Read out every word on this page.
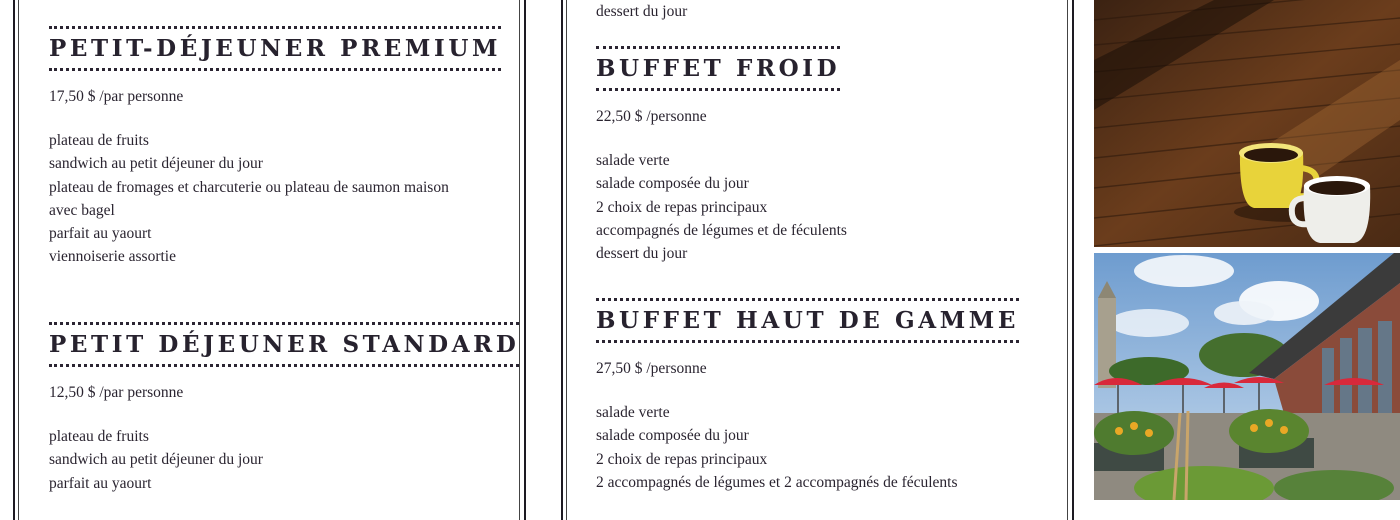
PETIT-DÉJEUNER PREMIUM
17,50 $ /par personne
plateau de fruits
sandwich au petit déjeuner du jour
plateau de fromages et charcuterie ou plateau de saumon maison
avec bagel
parfait au yaourt
viennoiserie assortie
PETIT DÉJEUNER STANDARD
12,50 $ /par personne
plateau de fruits
sandwich au petit déjeuner du jour
parfait au yaourt
dessert du jour
BUFFET FROID
22,50 $ /personne
salade verte
salade composée du jour
2 choix de repas principaux
accompagnés de légumes et de féculents
dessert du jour
BUFFET HAUT DE GAMME
27,50 $ /personne
salade verte
salade composée du jour
2 choix de repas principaux
2 accompagnés de légumes et 2 accompagnés de féculents
